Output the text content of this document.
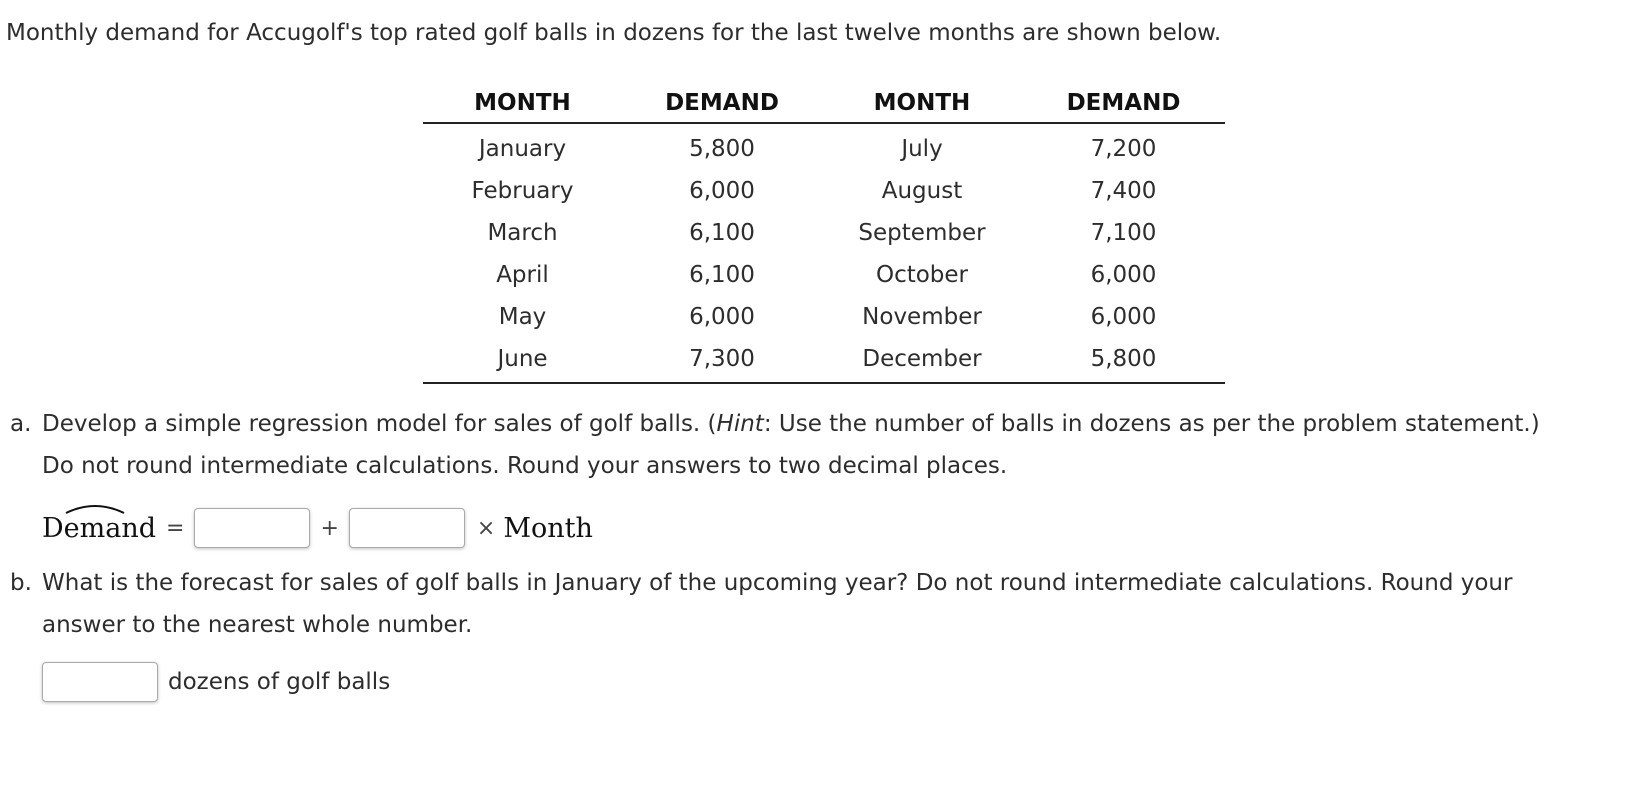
Monthly demand for Accugolf's top rated golf balls in dozens for the last twelve months are shown below.
MONTH	DEMAND	MONTH	DEMAND
January	5,800	July	7,200
February	6,000	August	7,400
March	6,100	September	7,100
April	6,100	October	6,000
May	6,000	November	6,000
June	7,300	December	5,800
a. Develop a simple regression model for sales of golf balls. (Hint: Use the number of balls in dozens as per the problem statement.)
Do not round intermediate calculations. Round your answers to two decimal places.
Demand =	+	× Month
b. What is the forecast for sales of golf balls in January of the upcoming year? Do not round intermediate calculations. Round your
answer to the nearest whole number.
dozens of golf balls
